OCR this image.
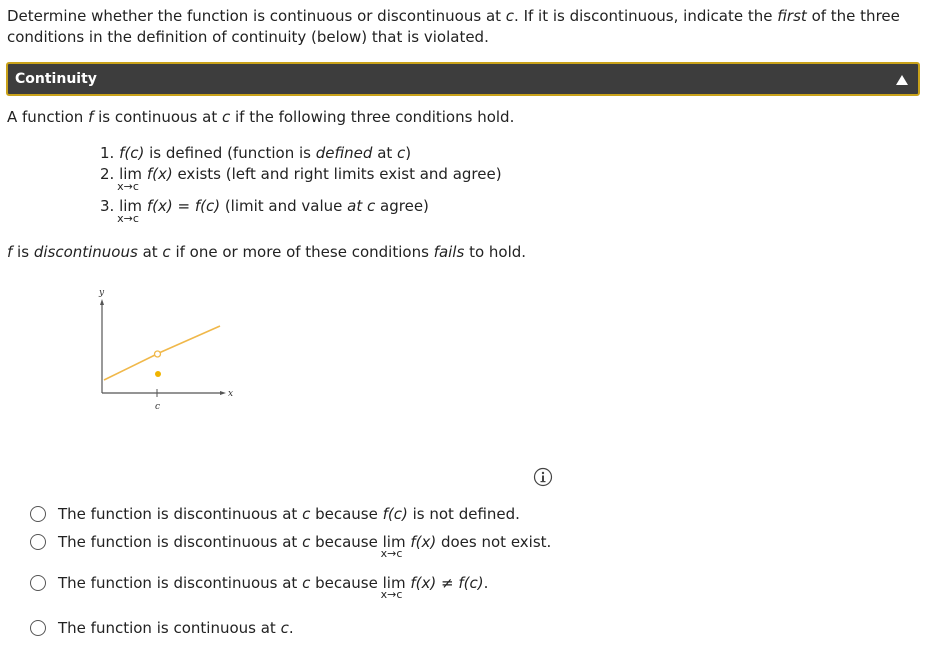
Determine whether the function is continuous or discontinuous at c. If it is discontinuous, indicate the first of the three conditions in the definition of continuity (below) that is violated.

Continuity
A function f is continuous at c if the following three conditions hold.
1. f(c) is defined (function is defined at c)
2. lim
x→c
f(x) exists (left and right limits exist and agree)
3. lim
x→c
f(x) = f(c) (limit and value at c agree)
f is discontinuous at c if one or more of these conditions fails to hold.
y
x
c
The function is discontinuous at c because f(c) is not defined.
The function is discontinuous at c because lim
x→c
f(x) does not exist.
The function is discontinuous at c because lim
x→c
f(x) ≠ f(c).
The function is continuous at c.
